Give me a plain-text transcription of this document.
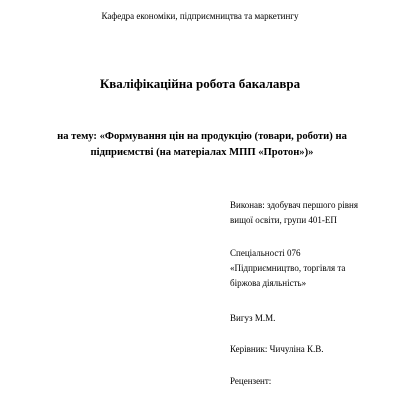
Кафедра економіки, підприємництва та маркетингу
Кваліфікаційна робота бакалавра
на тему: «Формування цін на продукцію (товари, роботи) на
підприємстві (на матеріалах МПП «Протон»)»
Виконав: здобувач першого рівня
вищої освіти, групи 401-ЕП
Спеціальності 076
«Підприємництво, торгівля та
біржова діяльність»
Вигуз М.М.
Керівник: Чичуліна К.В.
Рецензент:
